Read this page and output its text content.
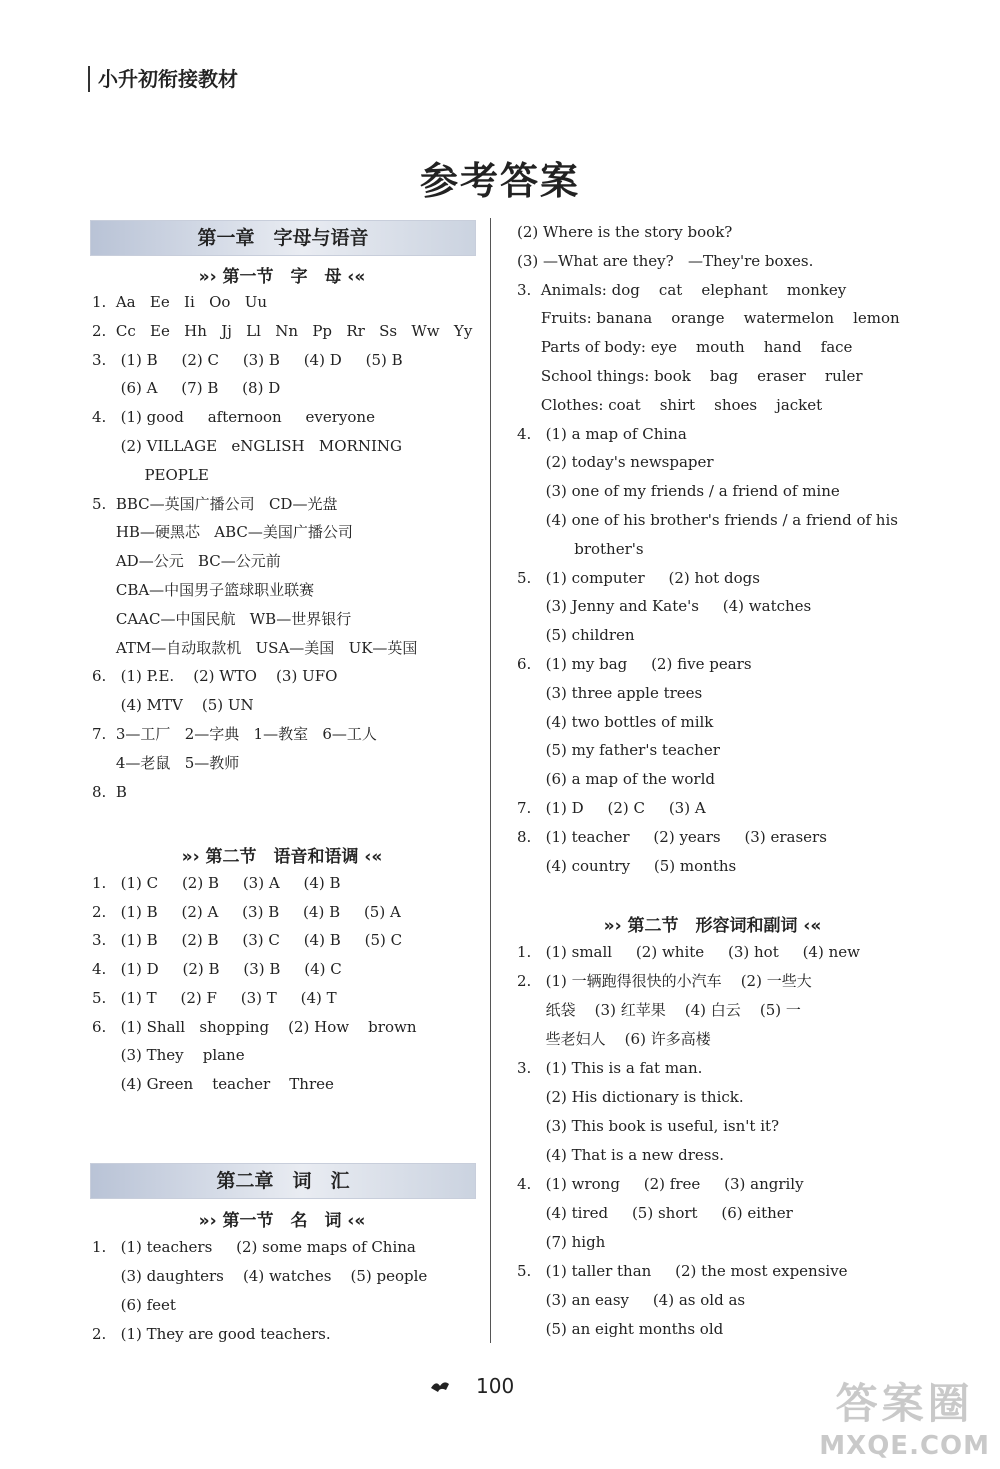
小升初衔接教材
参考答案
第一章　字母与语音
»› 第一节　字　母 ‹«
1.  Aa   Ee   Ii   Oo   Uu
2.  Cc   Ee   Hh   Jj   Ll   Nn   Pp   Rr   Ss   Ww   Yy
3.   (1) B     (2) C     (3) B     (4) D     (5) B
(6) A     (7) B     (8) D
4.   (1) good     afternoon     everyone
(2) VILLAGE   eNGLISH   MORNING
PEOPLE
5.  BBC—英国广播公司   CD—光盘
HB—硬黑芯   ABC—美国广播公司
AD—公元   BC—公元前
CBA—中国男子篮球职业联赛
CAAC—中国民航   WB—世界银行
ATM—自动取款机   USA—美国   UK—英国
6.   (1) P.E.    (2) WTO    (3) UFO
(4) MTV    (5) UN
7.  3—工厂   2—字典   1—教室   6—工人
4—老鼠   5—教师
8.  B
»› 第二节　语音和语调 ‹«
1.   (1) C     (2) B     (3) A     (4) B
2.   (1) B     (2) A     (3) B     (4) B     (5) A
3.   (1) B     (2) B     (3) C     (4) B     (5) C
4.   (1) D     (2) B     (3) B     (4) C
5.   (1) T     (2) F     (3) T     (4) T
6.   (1) Shall   shopping    (2) How    brown
(3) They    plane
(4) Green    teacher    Three
第二章　词　汇
»› 第一节　名　词 ‹«
1.   (1) teachers     (2) some maps of China
(3) daughters    (4) watches    (5) people
(6) feet
2.   (1) They are good teachers.
(2) Where is the story book?
(3) —What are they?   —They're boxes.
3.  Animals: dog    cat    elephant    monkey
Fruits: banana    orange    watermelon    lemon
Parts of body: eye    mouth    hand    face
School things: book    bag    eraser    ruler
Clothes: coat    shirt    shoes    jacket
4.   (1) a map of China
(2) today's newspaper
(3) one of my friends / a friend of mine
(4) one of his brother's friends / a friend of his
brother's
5.   (1) computer     (2) hot dogs
(3) Jenny and Kate's     (4) watches
(5) children
6.   (1) my bag     (2) five pears
(3) three apple trees
(4) two bottles of milk
(5) my father's teacher
(6) a map of the world
7.   (1) D     (2) C     (3) A
8.   (1) teacher     (2) years     (3) erasers
(4) country     (5) months
»› 第二节　形容词和副词 ‹«
1.   (1) small     (2) white     (3) hot     (4) new
2.   (1) 一辆跑得很快的小汽车    (2) 一些大
纸袋    (3) 红苹果    (4) 白云    (5) 一
些老妇人    (6) 许多高楼
3.   (1) This is a fat man.
(2) His dictionary is thick.
(3) This book is useful, isn't it?
(4) That is a new dress.
4.   (1) wrong     (2) free     (3) angrily
(4) tired     (5) short     (6) either
(7) high
5.   (1) taller than     (2) the most expensive
(3) an easy     (4) as old as
(5) an eight months old
100	答案圈
MXQE.COM
